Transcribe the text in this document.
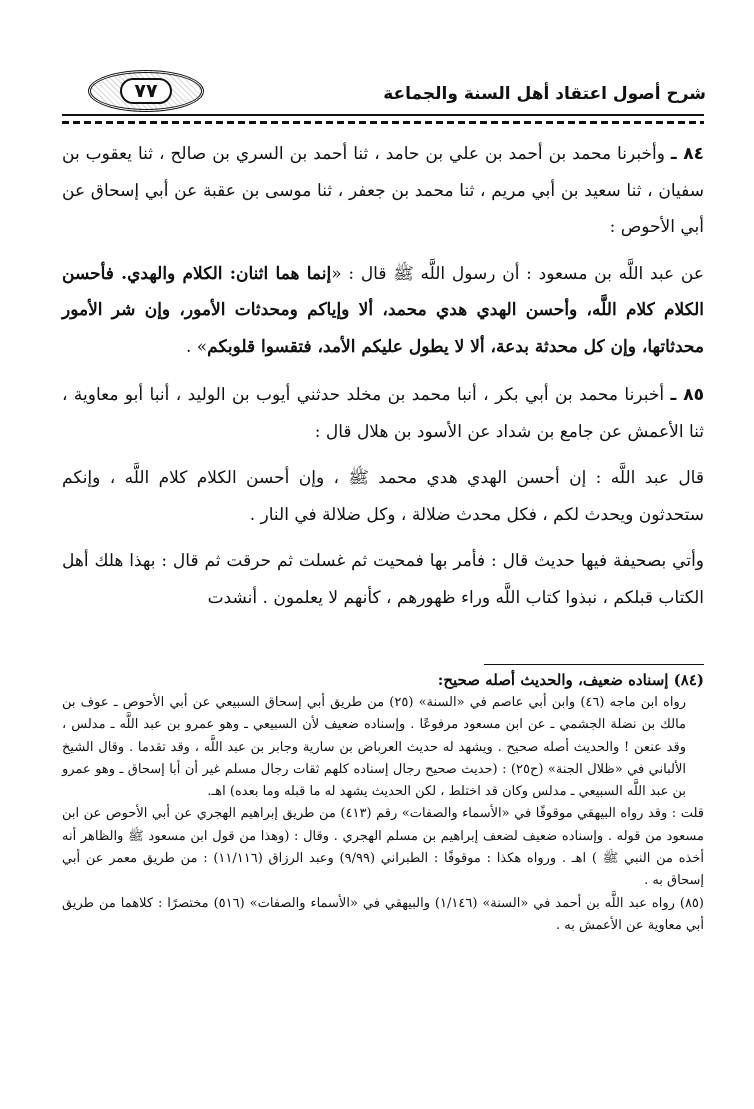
٧٧	شرح أصول اعتقاد أهل السنة والجماعة

٨٤ ـ وأخبرنا محمد بن أحمد بن علي بن حامد ، ثنا أحمد بن السري بن صالح ، ثنا يعقوب بن سفيان ، ثنا سعيد بن أبي مريم ، ثنا محمد بن جعفر ، ثنا موسى بن عقبة عن أبي إسحاق عن أبي الأحوص :

عن عبد اللَّه بن مسعود : أن رسول اللَّه ﷺ قال : «إنما هما اثنان: الكلام والهدي. فأحسن الكلام كلام اللَّه، وأحسن الهدي هدي محمد، ألا وإياكم ومحدثات الأمور، وإن شر الأمور محدثاتها، وإن كل محدثة بدعة، ألا لا يطول عليكم الأمد، فتقسوا قلوبكم» .

٨٥ ـ أخبرنا محمد بن أبي بكر ، أنبا محمد بن مخلد حدثني أيوب بن الوليد ، أنبا أبو معاوية ، ثنا الأعمش عن جامع بن شداد عن الأسود بن هلال قال :

قال عبد اللَّه : إن أحسن الهدي هدي محمد ﷺ ، وإن أحسن الكلام كلام اللَّه ، وإنكم ستحدثون ويحدث لكم ، فكل محدث ضلالة ، وكل ضلالة في النار .

وأتي بصحيفة فيها حديث قال : فأمر بها فمحيت ثم غسلت ثم حرقت ثم قال : بهذا هلك أهل الكتاب قبلكم ، نبذوا كتاب اللَّه وراء ظهورهم ، كأنهم لا يعلمون . أنشدت

(٨٤) إسناده ضعيف، والحديث أصله صحيح:

رواه ابن ماجه (٤٦) وابن أبي عاصم في «السنة» (٢٥) من طريق أبي إسحاق السبيعي عن أبي الأحوص ـ عوف بن مالك بن نضلة الجشمي ـ عن ابن مسعود مرفوعًا . وإسناده ضعيف لأن السبيعي ـ وهو عمرو بن عبد اللَّه ـ مدلس ، وقد عنعن ! والحديث أصله صحيح . ويشهد له حديث العرباض بن سارية وجابر بن عبد اللَّه ، وقد تقدما . وقال الشيخ الألباني في «ظلال الجنة» (ح٢٥) : (حديث صحيح رجال إسناده كلهم ثقات رجال مسلم غير أن أبا إسحاق ـ وهو عمرو بن عبد اللَّه السبيعي ـ مدلس وكان قد اختلط ، لكن الحديث يشهد له ما قبله وما بعده) اهـ.

قلت : وقد رواه البيهقي موقوفًا في «الأسماء والصفات» رقم (٤١٣) من طريق إبراهيم الهجري عن أبي الأحوص عن ابن مسعود من قوله . وإسناده ضعيف لضعف إبراهيم بن مسلم الهجري . وقال : (وهذا من قول ابن مسعود ﷺ والظاهر أنه أخذه من النبي ﷺ ) اهـ . ورواه هكذا : موقوفًا : الطبراني (٩/٩٩) وعبد الرزاق (١١/١١٦) : من طريق معمر عن أبي إسحاق به .

(٨٥) رواه عبد اللَّه بن أحمد في «السنة» (١/١٤٦) والبيهقي في «الأسماء والصفات» (٥١٦) مختصرًا : كلاهما من طريق أبي معاوية عن الأعمش به .
